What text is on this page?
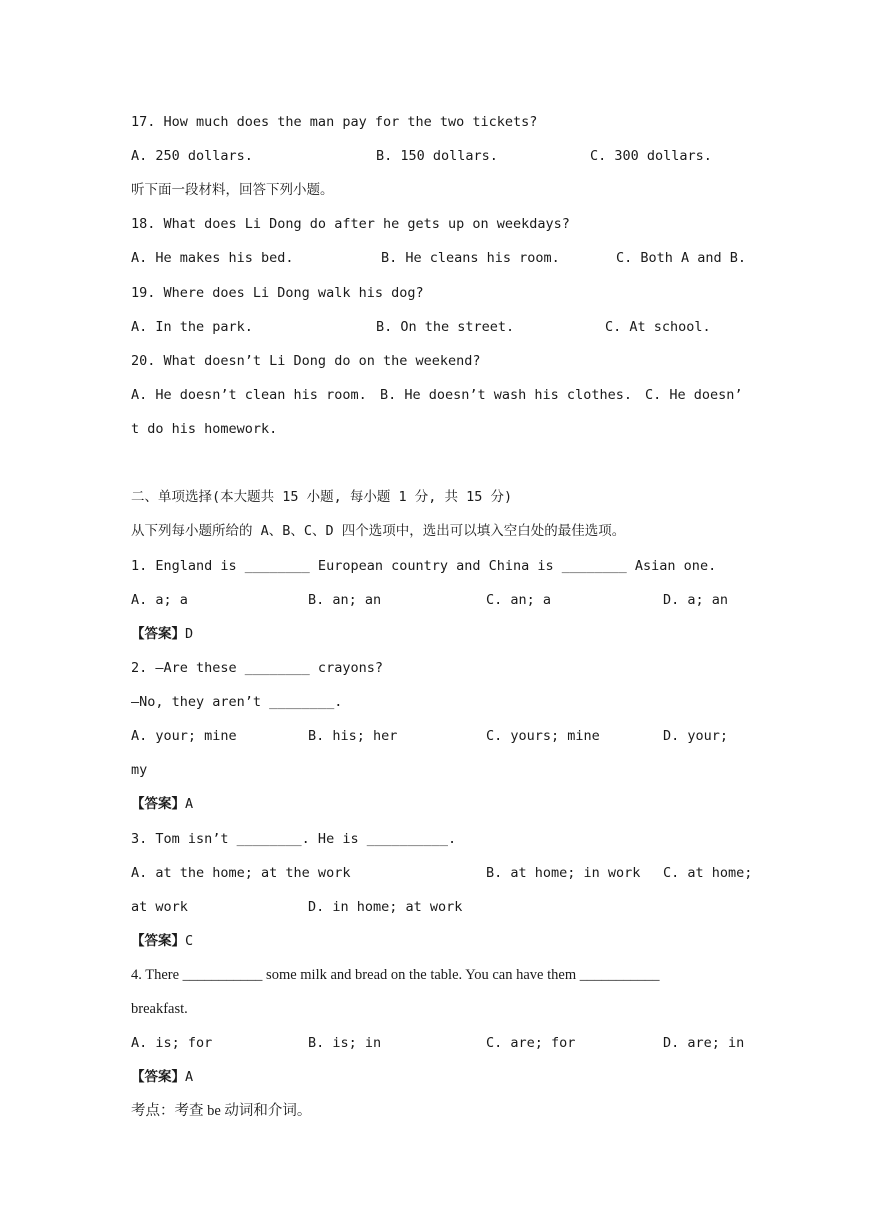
17. How much does the man pay for the two tickets?
A. 250 dollars.	B. 150 dollars.	C. 300 dollars.
听下面一段材料，回答下列小题。
18. What does Li Dong do after he gets up on weekdays?
A. He makes his bed.	B. He cleans his room.	C. Both A and B.
19. Where does Li Dong walk his dog?
A. In the park.	B. On the street.	C. At school.
20. What doesn’t Li Dong do on the weekend?
A. He doesn’t clean his room. B. He doesn’t wash his clothes. C. He doesn’
t do his homework.
二、单项选择(本大题共 15 小题, 每小题 1 分, 共 15 分)
从下列每小题所给的 A、B、C、D 四个选项中，选出可以填入空白处的最佳选项。
1. England is ________ European country and China is ________ Asian one.
A. a; a	B. an; an	C. an; a	D. a; an
【答案】D
2. —Are these ________ crayons?
—No, they aren’t ________.
A. your; mine	B. his; her	C. yours; mine	D. your;
my
【答案】A
3. Tom isn’t ________. He is __________.
A. at the home; at the work	B. at home; in work C. at home;
at work	D. in home; at work
【答案】C
4. There ___________ some milk and bread on the table. You can have them ___________
breakfast.
A. is; for	B. is; in	C. are; for	D. are; in
【答案】A
考点：考查 be 动词和介词。
